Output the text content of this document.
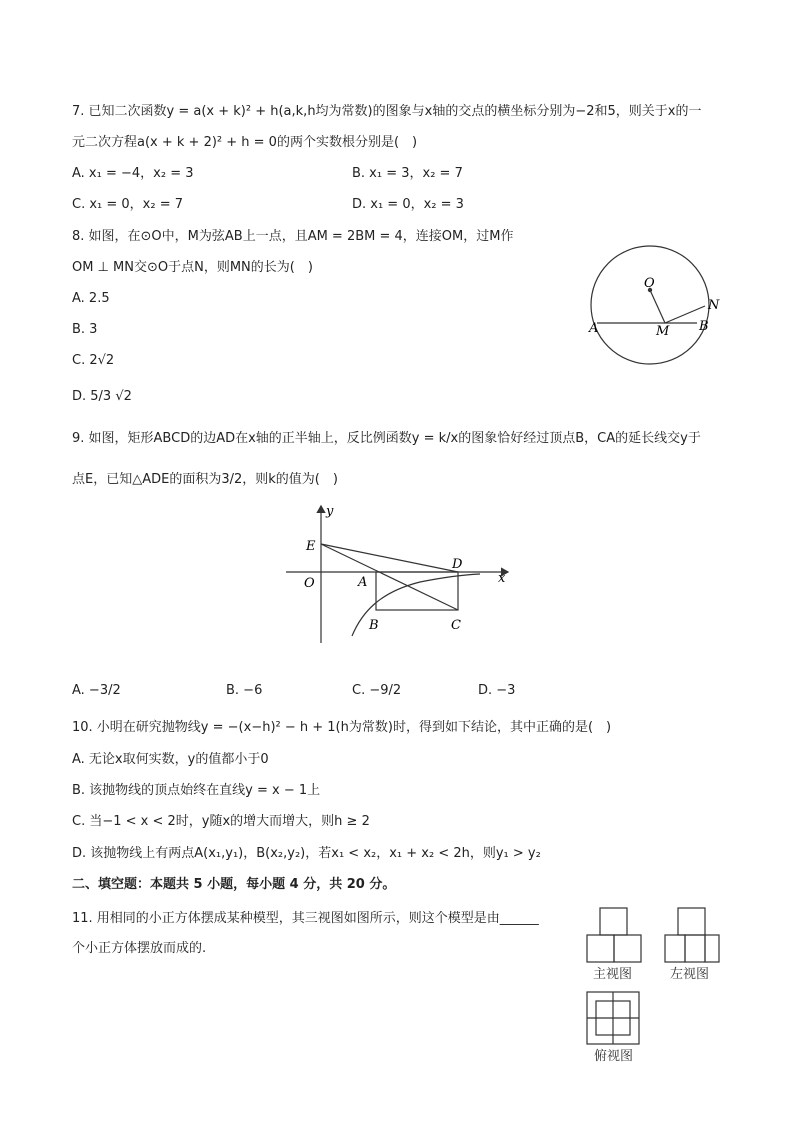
7. 已知二次函数y = a(x + k)² + h(a,k,h均为常数)的图象与x轴的交点的横坐标分别为−2和5，则关于x的一
元二次方程a(x + k + 2)² + h = 0的两个实数根分别是(　)
A. x₁ = −4，x₂ = 3	B. x₁ = 3，x₂ = 7
C. x₁ = 0，x₂ = 7	D. x₁ = 0，x₂ = 3
8. 如图，在⊙O中，M为弦AB上一点，且AM = 2BM = 4，连接OM，过M作
OM ⊥ MN交⊙O于点N，则MN的长为(　)
A. 2.5
B. 3
C. 2√2
D. 5/3 √2
O
A	M B
N
9. 如图，矩形ABCD的边AD在x轴的正半轴上，反比例函数y = k/x的图象恰好经过顶点B，CA的延长线交y于
点E，已知△ADE的面积为3/2，则k的值为(　)
y
x
E
D
O	A
B	C
A. −3/2	B. −6	C. −9/2	D. −3
10. 小明在研究抛物线y = −(x−h)² − h + 1(h为常数)时，得到如下结论，其中正确的是(　)
A. 无论x取何实数，y的值都小于0
B. 该抛物线的顶点始终在直线y = x − 1上
C. 当−1 < x < 2时，y随x的增大而增大，则h ≥ 2
D. 该抛物线上有两点A(x₁,y₁)，B(x₂,y₂)，若x₁ < x₂，x₁ + x₂ < 2h，则y₁ > y₂
二、填空题：本题共 5 小题，每小题 4 分，共 20 分。
11. 用相同的小正方体摆成某种模型，其三视图如图所示，则这个模型是由______
个小正方体摆放而成的.
主视图	左视图
俯视图
